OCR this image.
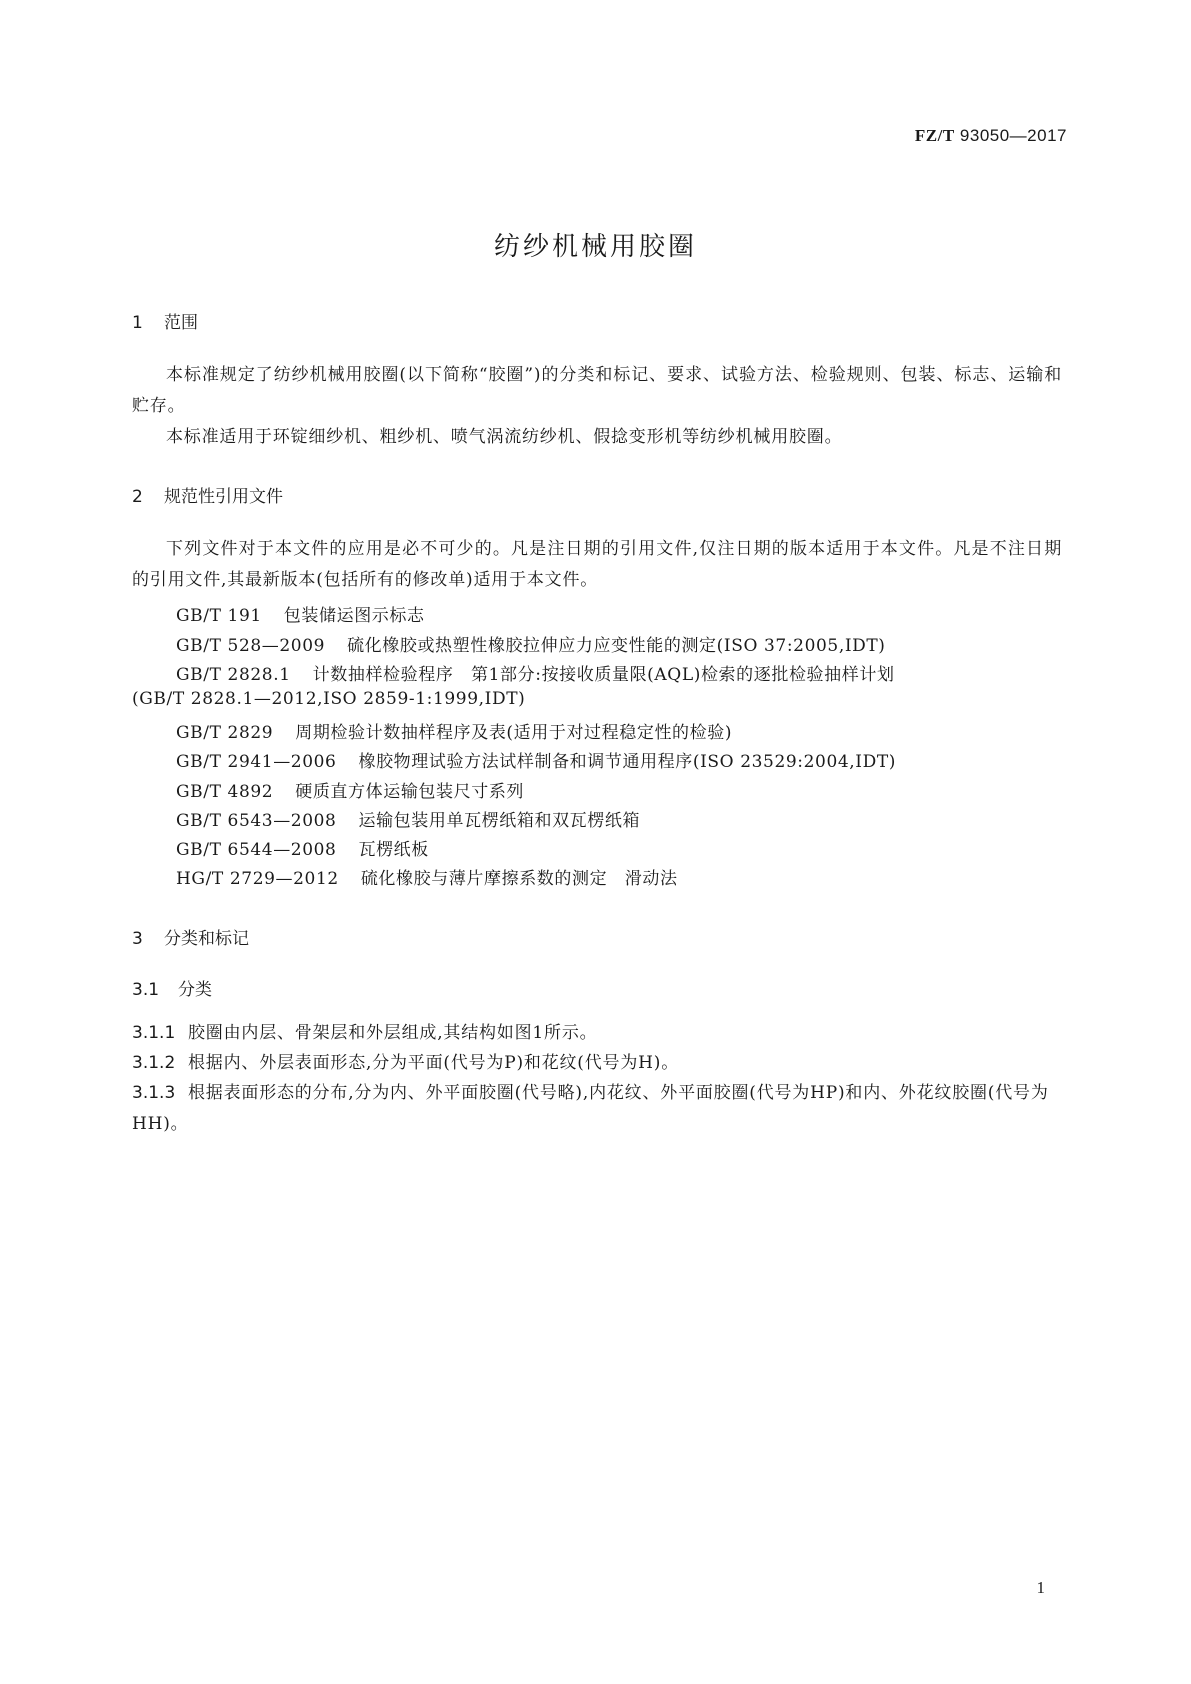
FZ/T 93050—2017
纺纱机械用胶圈
1 范围
本标准规定了纺纱机械用胶圈(以下简称“胶圈”)的分类和标记、要求、试验方法、检验规则、包装、标志、运输和贮存。
本标准适用于环锭细纱机、粗纱机、喷气涡流纺纱机、假捻变形机等纺纱机械用胶圈。
2 规范性引用文件
下列文件对于本文件的应用是必不可少的。凡是注日期的引用文件,仅注日期的版本适用于本文件。凡是不注日期的引用文件,其最新版本(包括所有的修改单)适用于本文件。
GB/T 191 包装储运图示标志
GB/T 528—2009 硫化橡胶或热塑性橡胶拉伸应力应变性能的测定(ISO 37:2005,IDT)
GB/T 2828.1 计数抽样检验程序　第1部分:按接收质量限(AQL)检索的逐批检验抽样计划
(GB/T 2828.1—2012,ISO 2859-1:1999,IDT)
GB/T 2829 周期检验计数抽样程序及表(适用于对过程稳定性的检验)
GB/T 2941—2006 橡胶物理试验方法试样制备和调节通用程序(ISO 23529:2004,IDT)
GB/T 4892 硬质直方体运输包装尺寸系列
GB/T 6543—2008 运输包装用单瓦楞纸箱和双瓦楞纸箱
GB/T 6544—2008 瓦楞纸板
HG/T 2729—2012 硫化橡胶与薄片摩擦系数的测定　滑动法
3 分类和标记
3.1 分类
3.1.1 胶圈由内层、骨架层和外层组成,其结构如图1所示。
3.1.2 根据内、外层表面形态,分为平面(代号为P)和花纹(代号为H)。
3.1.3 根据表面形态的分布,分为内、外平面胶圈(代号略),内花纹、外平面胶圈(代号为HP)和内、外花纹胶圈(代号为HH)。
1
